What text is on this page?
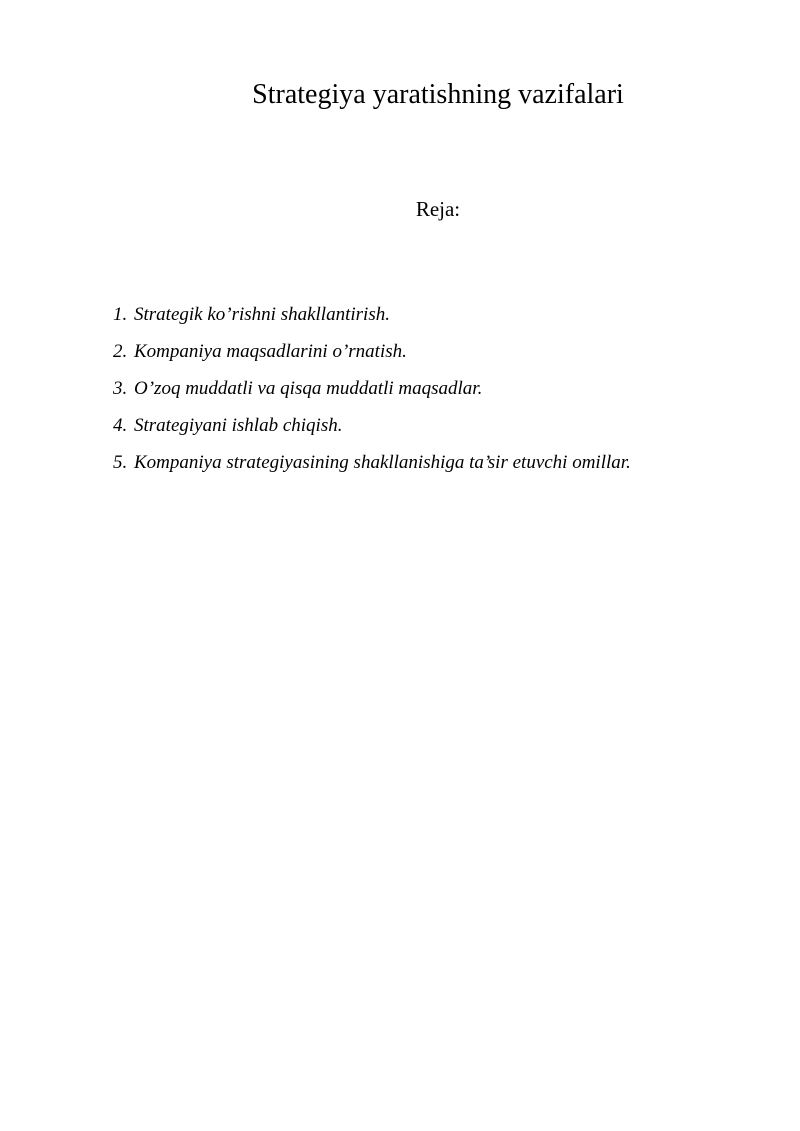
Strategiya yaratishning vazifalari

Reja:

1. Strategik ko’rishni shakllantirish.
2. Kompaniya maqsadlarini o’rnatish.
3. O’zoq muddatli va qisqa muddatli maqsadlar.
4. Strategiyani ishlab chiqish.
5. Kompaniya strategiyasining shakllanishiga ta’sir etuvchi omillar.
